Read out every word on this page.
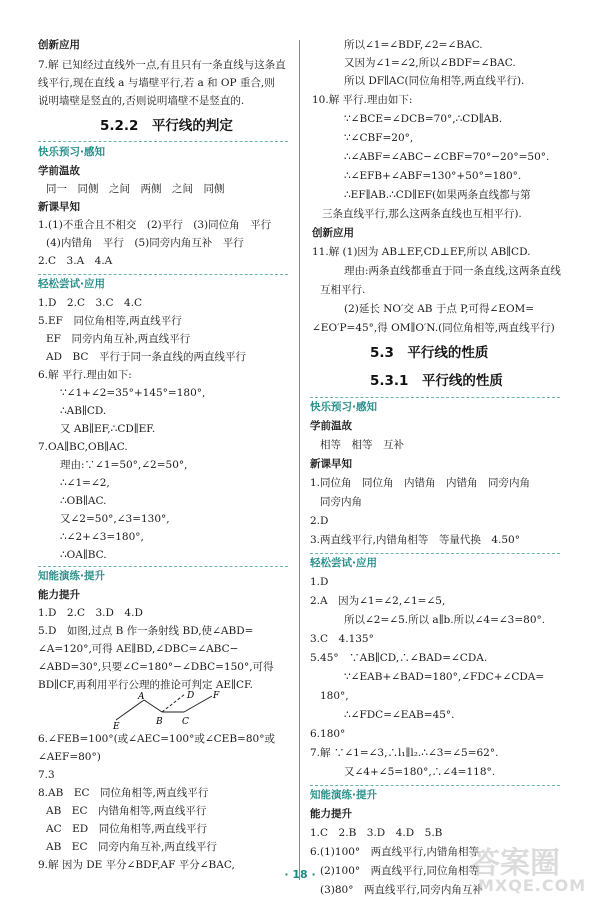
创新应用
7.解 已知经过直线外一点,有且只有一条直线与这条直
线平行,现在直线 a 与墙壁平行,若 a 和 OP 重合,则
说明墙壁是竖直的,否则说明墙壁不是竖直的.
5.2.2　平行线的判定
快乐预习·感知
学前温故
同一　同侧　之间　两侧　之间　同侧
新课早知
1.(1)不重合且不相交　(2)平行　(3)同位角　平行
(4)内错角　平行　(5)同旁内角互补　平行
2.C　3.A　4.A
轻松尝试·应用
1.D　2.C　3.C　4.C
5.EF　同位角相等,两直线平行
EF　同旁内角互补,两直线平行
AD　BC　平行于同一条直线的两直线平行
6.解 平行.理由如下:
∵∠1+∠2=35°+145°=180°,
∴AB∥CD.
又 AB∥EF,∴CD∥EF.
7.OA∥BC,OB∥AC.
理由:∵∠1=50°,∠2=50°,
∴∠1=∠2,
∴OB∥AC.
又∠2=50°,∠3=130°,
∴∠2+∠3=180°,
∴OA∥BC.
知能演练·提升
能力提升
1.D　2.C　3.D　4.D
5.D　如图,过点 B 作一条射线 BD,使∠ABD=
∠A=120°,可得 AE∥BD,∠DBC=∠ABC−
∠ABD=30°,只要∠C=180°−∠DBC=150°,可得
BD∥CF,再利用平行公理的推论可判定 AE∥CF.
A	D F
E	B C
6.∠FEB=100°(或∠AEC=100°或∠CEB=80°或
∠AEF=80°)
7.3
8.AB　EC　同位角相等,两直线平行
AB　EC　内错角相等,两直线平行
AC　ED　同位角相等,两直线平行
AB　EC　同旁内角互补,两直线平行
9.解 因为 DE 平分∠BDF,AF 平分∠BAC,
所以∠1=∠BDF,∠2=∠BAC.
又因为∠1=∠2,所以∠BDF=∠BAC.
所以 DF∥AC(同位角相等,两直线平行).
10.解 平行.理由如下:
∵∠BCE=∠DCB=70°,∴CD∥AB.
∵∠CBF=20°,
∴∠ABF=∠ABC−∠CBF=70°−20°=50°.
∴∠EFB+∠ABF=130°+50°=180°.
∴EF∥AB.∴CD∥EF(如果两条直线都与第
三条直线平行,那么这两条直线也互相平行).
创新应用
11.解 (1)因为 AB⊥EF,CD⊥EF,所以 AB∥CD.
理由:两条直线都垂直于同一条直线,这两条直线
互相平行.
(2)延长 NO′交 AB 于点 P,可得∠EOM=
∠EO′P=45°,得 OM∥O′N.(同位角相等,两直线平行)
5.3　平行线的性质
5.3.1　平行线的性质
快乐预习·感知
学前温故
相等　相等　互补
新课早知
1.同位角　同位角　内错角　内错角　同旁内角
同旁内角
2.D
3.两直线平行,内错角相等　等量代换　4.50°
轻松尝试·应用
1.D
2.A　因为∠1=∠2,∠1=∠5,
所以∠2=∠5.所以 a∥b.所以∠4=∠3=80°.
3.C　4.135°
5.45°　∵AB∥CD,∴∠BAD=∠CDA.
∵∠EAB+∠BAD=180°,∠FDC+∠CDA=
180°,
∴∠FDC=∠EAB=45°.
6.180°
7.解 ∵∠1=∠3,∴l₁∥l₂.∴∠3=∠5=62°.
又∠4+∠5=180°,∴∠4=118°.
知能演练·提升
能力提升
1.C　2.B　3.D　4.D　5.B
6.(1)100°　两直线平行,内错角相等
(2)100°　两直线平行,同位角相等
(3)80°　两直线平行,同旁内角互补
· 18 ·	答案圈
MXQE.COM
